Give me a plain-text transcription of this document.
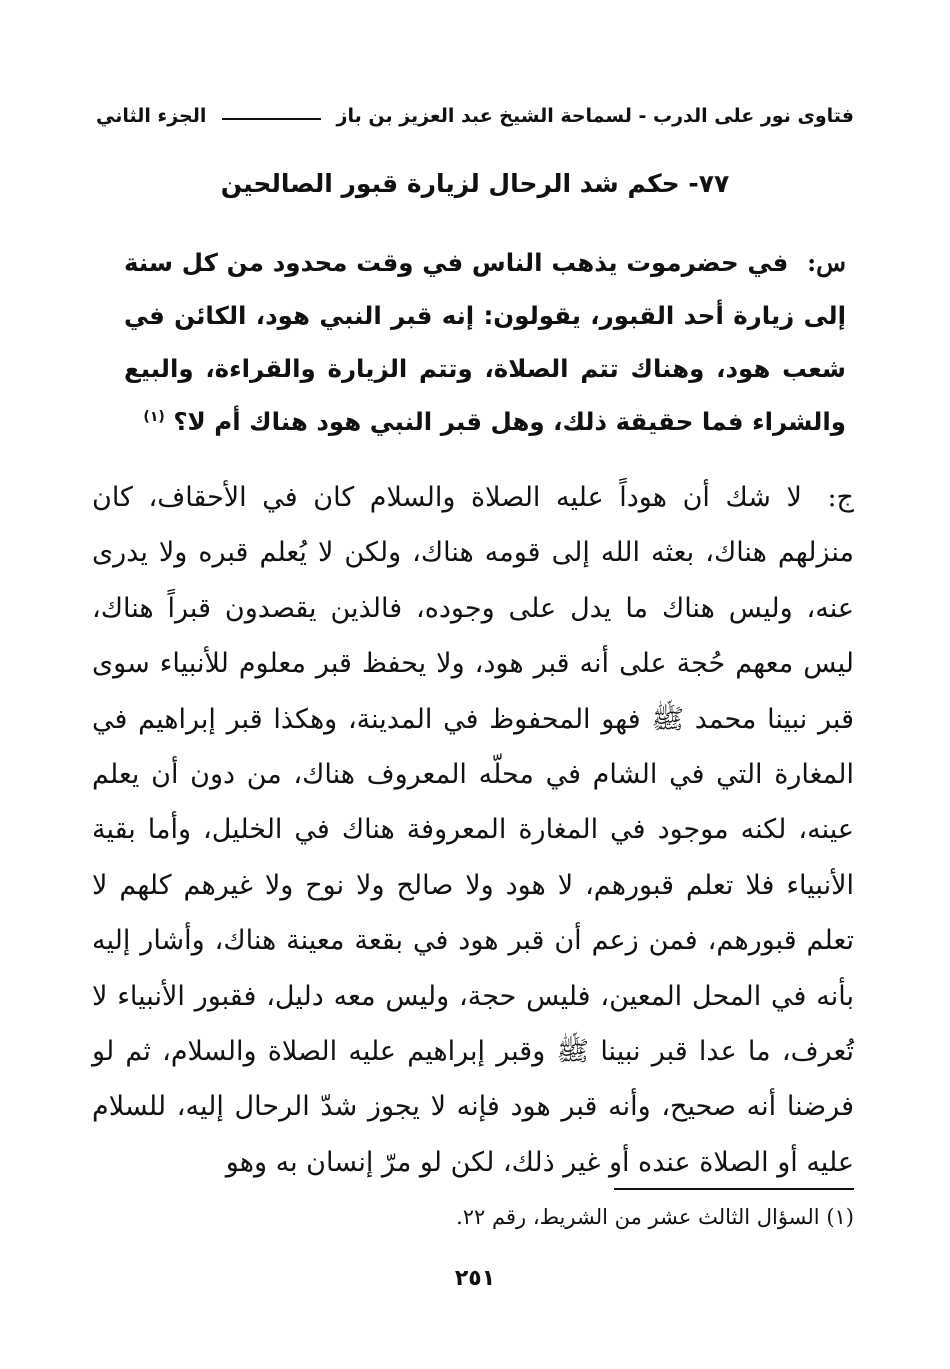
فتاوى نور على الدرب - لسماحة الشيخ عبد العزيز بن باز
الجزء الثاني
٧٧- حكم شد الرحال لزيارة قبور الصالحين
س: في حضرموت يذهب الناس في وقت محدود من كل سنة إلى زيارة أحد القبور، يقولون: إنه قبر النبي هود، الكائن في شعب هود، وهناك تتم الصلاة، وتتم الزيارة والقراءة، والبيع والشراء فما حقيقة ذلك، وهل قبر النبي هود هناك أم لا؟ $^{(١)}$
ج: لا شك أن هوداً عليه الصلاة والسلام كان في الأحقاف، كان منزلهم هناك، بعثه الله إلى قومه هناك، ولكن لا يُعلم قبره ولا يدرى عنه، وليس هناك ما يدل على وجوده، فالذين يقصدون قبراً هناك، ليس معهم حُجة على أنه قبر هود، ولا يحفظ قبر معلوم للأنبياء سوى قبر نبينا محمد ﷺ فهو المحفوظ في المدينة، وهكذا قبر إبراهيم في المغارة التي في الشام في محلّه المعروف هناك، من دون أن يعلم عينه، لكنه موجود في المغارة المعروفة هناك في الخليل، وأما بقية الأنبياء فلا تعلم قبورهم، لا هود ولا صالح ولا نوح ولا غيرهم كلهم لا تعلم قبورهم، فمن زعم أن قبر هود في بقعة معينة هناك، وأشار إليه بأنه في المحل المعين، فليس حجة، وليس معه دليل، فقبور الأنبياء لا تُعرف، ما عدا قبر نبينا ﷺ وقبر إبراهيم عليه الصلاة والسلام، ثم لو فرضنا أنه صحيح، وأنه قبر هود فإنه لا يجوز شدّ الرحال إليه، للسلام عليه أو الصلاة عنده أو غير ذلك، لكن لو مرّ إنسان به وهو
(١) السؤال الثالث عشر من الشريط، رقم ٢٢.
٢٥١
